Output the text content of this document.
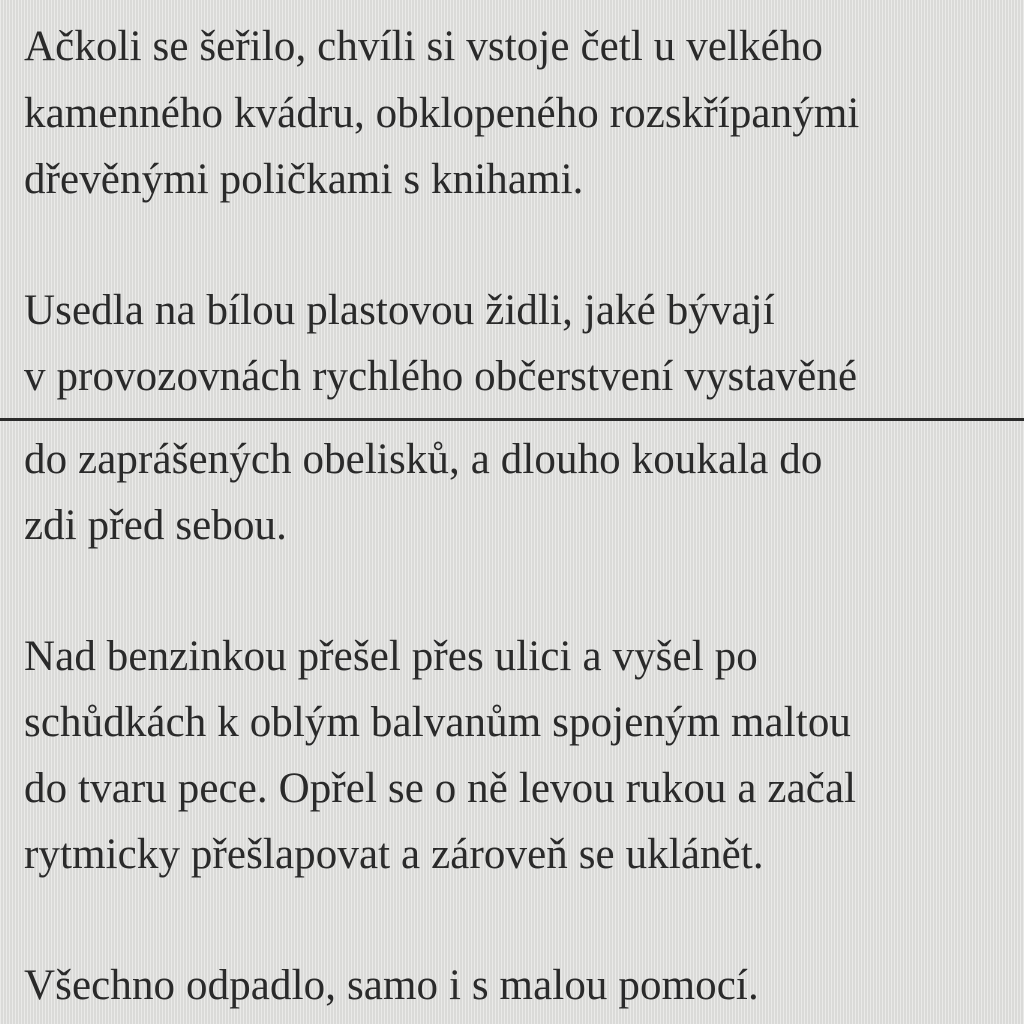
Ačkoli se šeřilo, chvíli si vstoje četl u velkého
kamenného kvádru, obklopeného rozskřípanými
dřevěnými poličkami s knihami.
Usedla na bílou plastovou židli, jaké bývají
v provozovnách rychlého občerstvení vystavěné
do zaprášených obelisků, a dlouho koukala do
zdi před sebou.
Nad benzinkou přešel přes ulici a vyšel po
schůdkách k oblým balvanům spojeným maltou
do tvaru pece. Opřel se o ně levou rukou a začal
rytmicky přešlapovat a zároveň se uklánět.
Všechno odpadlo, samo i s malou pomocí.
